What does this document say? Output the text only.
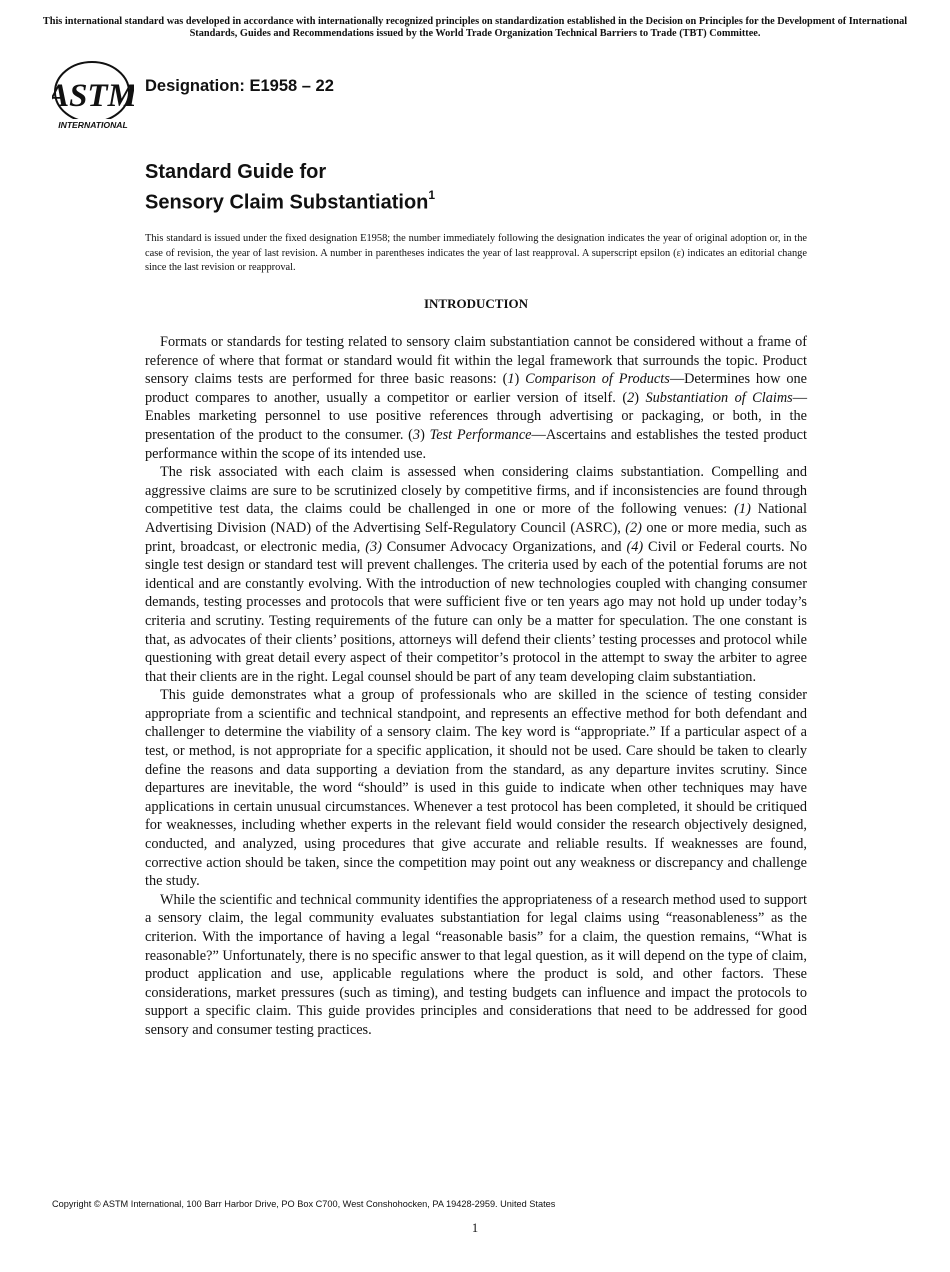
This international standard was developed in accordance with internationally recognized principles on standardization established in the Decision on Principles for the Development of International Standards, Guides and Recommendations issued by the World Trade Organization Technical Barriers to Trade (TBT) Committee.
ASTM
INTERNATIONAL
Designation: E1958 – 22
Standard Guide for
Sensory Claim Substantiation$^1$
This standard is issued under the fixed designation E1958; the number immediately following the designation indicates the year of original adoption or, in the case of revision, the year of last revision. A number in parentheses indicates the year of last reapproval. A superscript epsilon (ε) indicates an editorial change since the last revision or reapproval.
INTRODUCTION

Formats or standards for testing related to sensory claim substantiation cannot be considered without a frame of reference of where that format or standard would fit within the legal framework that surrounds the topic. Product sensory claims tests are performed for three basic reasons: (1) Comparison of Products—Determines how one product compares to another, usually a competitor or earlier version of itself. (2) Substantiation of Claims—Enables marketing personnel to use positive references through advertising or packaging, or both, in the presentation of the product to the consumer. (3) Test Performance—Ascertains and establishes the tested product performance within the scope of its intended use.

The risk associated with each claim is assessed when considering claims substantiation. Compelling and aggressive claims are sure to be scrutinized closely by competitive firms, and if inconsistencies are found through competitive test data, the claims could be challenged in one or more of the following venues: (1) National Advertising Division (NAD) of the Advertising Self-Regulatory Council (ASRC), (2) one or more media, such as print, broadcast, or electronic media, (3) Consumer Advocacy Organizations, and (4) Civil or Federal courts. No single test design or standard test will prevent challenges. The criteria used by each of the potential forums are not identical and are constantly evolving. With the introduction of new technologies coupled with changing consumer demands, testing processes and protocols that were sufficient five or ten years ago may not hold up under today’s criteria and scrutiny. Testing requirements of the future can only be a matter for speculation. The one constant is that, as advocates of their clients’ positions, attorneys will defend their clients’ testing processes and protocol while questioning with great detail every aspect of their competitor’s protocol in the attempt to sway the arbiter to agree that their clients are in the right. Legal counsel should be part of any team developing claim substantiation.

This guide demonstrates what a group of professionals who are skilled in the science of testing consider appropriate from a scientific and technical standpoint, and represents an effective method for both defendant and challenger to determine the viability of a sensory claim. The key word is “appropriate.” If a particular aspect of a test, or method, is not appropriate for a specific application, it should not be used. Care should be taken to clearly define the reasons and data supporting a deviation from the standard, as any departure invites scrutiny. Since departures are inevitable, the word “should” is used in this guide to indicate when other techniques may have applications in certain unusual circumstances. Whenever a test protocol has been completed, it should be critiqued for weaknesses, including whether experts in the relevant field would consider the research objectively designed, conducted, and analyzed, using procedures that give accurate and reliable results. If weaknesses are found, corrective action should be taken, since the competition may point out any weakness or discrepancy and challenge the study.

While the scientific and technical community identifies the appropriateness of a research method used to support a sensory claim, the legal community evaluates substantiation for legal claims using “reasonableness” as the criterion. With the importance of having a legal “reasonable basis” for a claim, the question remains, “What is reasonable?” Unfortunately, there is no specific answer to that legal question, as it will depend on the type of claim, product application and use, applicable regulations where the product is sold, and other factors. These considerations, market pressures (such as timing), and testing budgets can influence and impact the protocols to support a specific claim. This guide provides principles and considerations that need to be addressed for good sensory and consumer testing practices.

Copyright © ASTM International, 100 Barr Harbor Drive, PO Box C700, West Conshohocken, PA 19428-2959. United States
1
